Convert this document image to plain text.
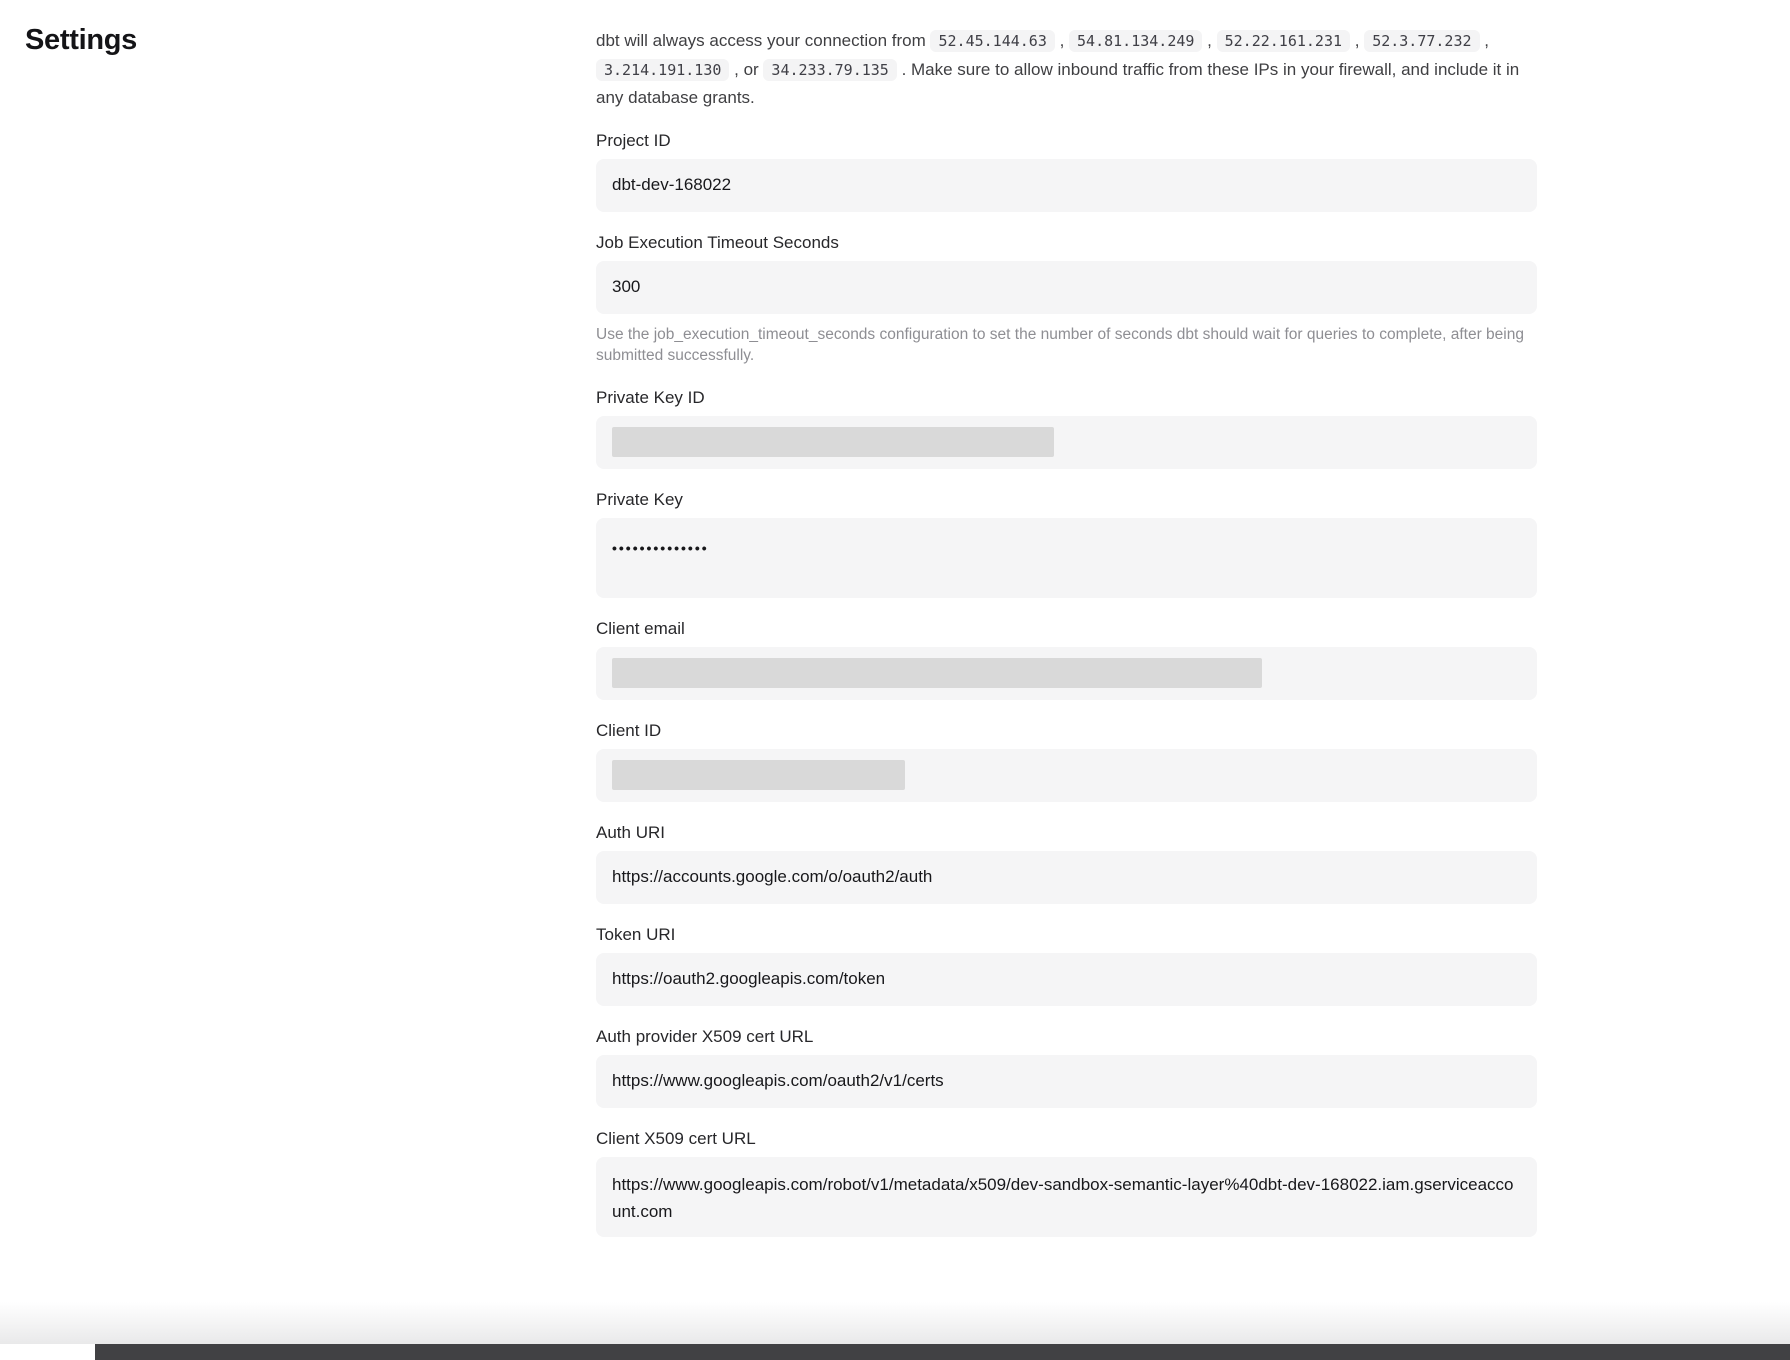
Settings	dbt will always access your connection from 52.45.144.63 , 54.81.134.249 , 52.22.161.231 , 52.3.77.232 , 3.214.191.130 , or 34.233.79.135 . Make sure to allow inbound traffic from these IPs in your firewall, and include it in any database grants.

Project ID
dbt-dev-168022
Job Execution Timeout Seconds
300

Use the job_execution_timeout_seconds configuration to set the number of seconds dbt should wait for queries to complete, after being submitted successfully.

Private Key ID
Private Key
••••••••••••••
Client email
Client ID
Auth URI
https://accounts.google.com/o/oauth2/auth
Token URI
https://oauth2.googleapis.com/token
Auth provider X509 cert URL
https://www.googleapis.com/oauth2/v1/certs
Client X509 cert URL
https://www.googleapis.com/robot/v1/metadata/x509/dev-sandbox-semantic-layer%40dbt-dev-168022.iam.gserviceaccount.com
